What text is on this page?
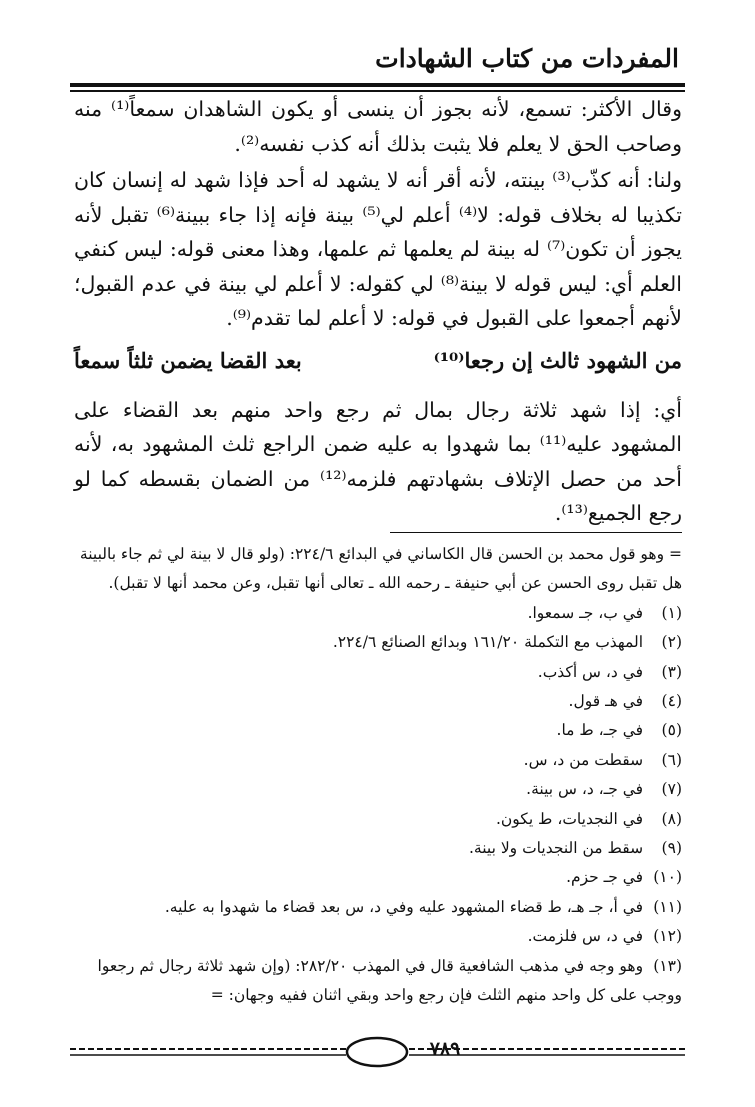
المفردات من كتاب الشهادات

وقال الأكثر: تسمع، لأنه بجوز أن ينسى أو يكون الشاهدان سمعاً⁽¹⁾ منه وصاحب الحق لا يعلم فلا يثبت بذلك أنه كذب نفسه⁽²⁾.

ولنا: أنه كذّب⁽³⁾ بينته، لأنه أقر أنه لا يشهد له أحد فإذا شهد له إنسان كان تكذيبا له بخلاف قوله: لا⁽⁴⁾ أعلم لي⁽⁵⁾ بينة فإنه إذا جاء ببينة⁽⁶⁾ تقبل لأنه يجوز أن تكون⁽⁷⁾ له بينة لم يعلمها ثم علمها، وهذا معنى قوله: ليس كنفي العلم أي: ليس قوله لا بينة⁽⁸⁾ لي كقوله: لا أعلم لي بينة في عدم القبول؛ لأنهم أجمعوا على القبول في قوله: لا أعلم لما تقدم⁽⁹⁾.

من الشهود ثالث إن رجعا⁽¹⁰⁾
بعد القضا يضمن ثلثاً سمعاً

أي: إذا شهد ثلاثة رجال بمال ثم رجع واحد منهم بعد القضاء على المشهود عليه⁽¹¹⁾ بما شهدوا به عليه ضمن الراجع ثلث المشهود به، لأنه أحد من حصل الإتلاف بشهادتهم فلزمه⁽¹²⁾ من الضمان بقسطه كما لو رجع الجميع⁽¹³⁾.

= وهو قول محمد بن الحسن قال الكاساني في البدائع ٢٢٤/٦: (ولو قال لا بينة لي ثم جاء بالبينة هل تقبل روى الحسن عن أبي حنيفة ـ رحمه الله ـ تعالى أنها تقبل، وعن محمد أنها لا تقبل).
(١) في ب، جـ سمعوا.
(٢) المهذب مع التكملة ١٦١/٢٠ وبدائع الصنائع ٢٢٤/٦.
(٣) في د، س أكذب.
(٤) في هـ قول.
(٥) في جـ، ط ما.
(٦) سقطت من د، س.
(٧) في جـ، د، س بينة.
(٨) في النجديات، ط يكون.
(٩) سقط من النجديات ولا بينة.
(١٠) في جـ حزم.
(١١) في أ، جـ هـ، ط قضاء المشهود عليه وفي د، س بعد قضاء ما شهدوا به عليه.
(١٢) في د، س فلزمت.
(١٣) وهو وجه في مذهب الشافعية قال في المهذب ٢٨٢/٢٠: (وإن شهد ثلاثة رجال ثم رجعوا ووجب على كل واحد منهم الثلث فإن رجع واحد وبقي اثنان ففيه وجهان: =
٧٨٩
